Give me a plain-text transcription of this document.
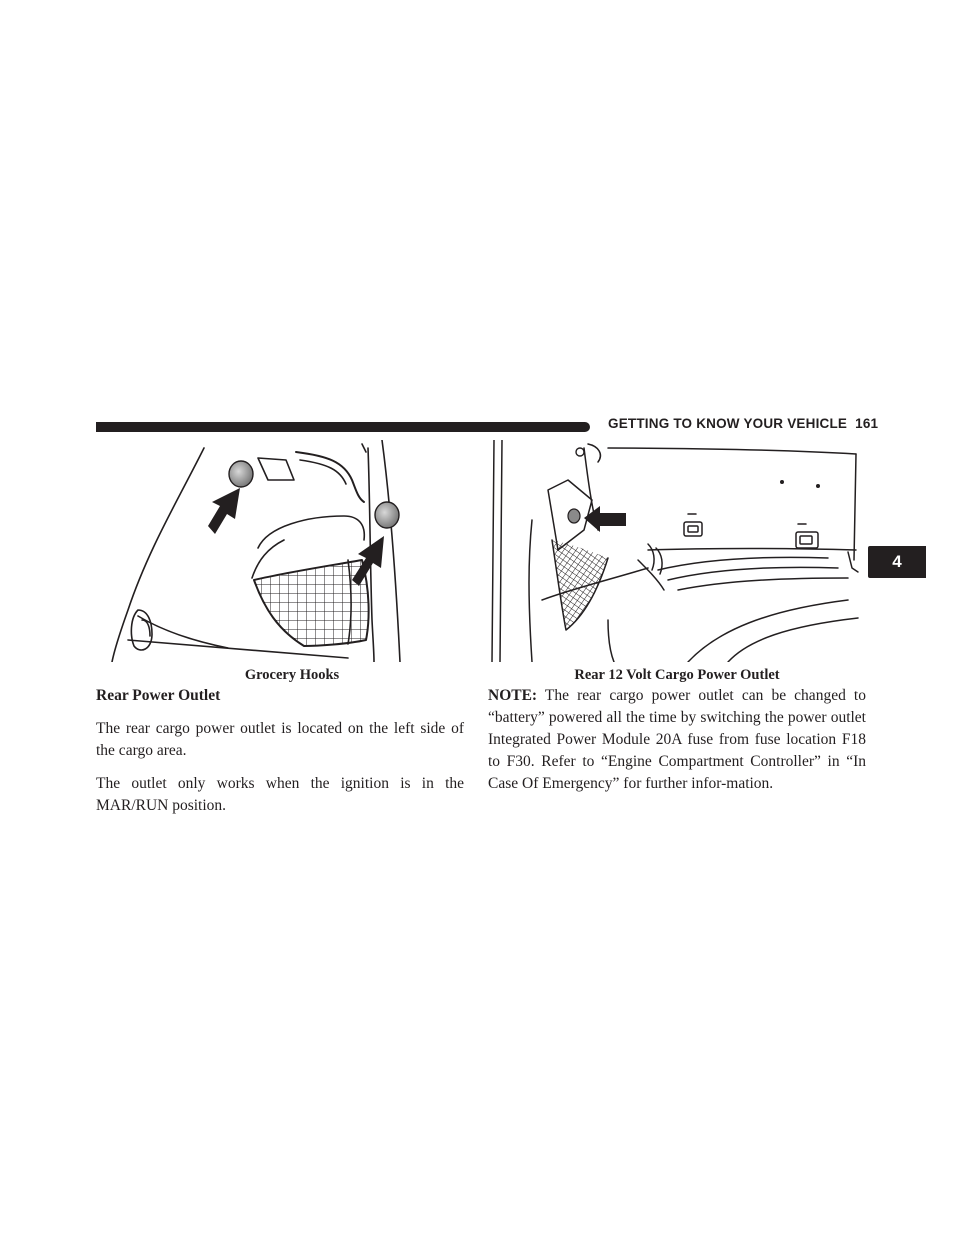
GETTING TO KNOW YOUR VEHICLE 161
4
Grocery Hooks	Rear 12 Volt Cargo Power Outlet
Rear Power Outlet

The rear cargo power outlet is located on the left side of the cargo area.

The outlet only works when the ignition is in the MAR/RUN position.

NOTE: The rear cargo power outlet can be changed to “battery” powered all the time by switching the power outlet Integrated Power Module 20A fuse from fuse location F18 to F30. Refer to “Engine Compartment Controller” in “In Case Of Emergency” for further infor-mation.
